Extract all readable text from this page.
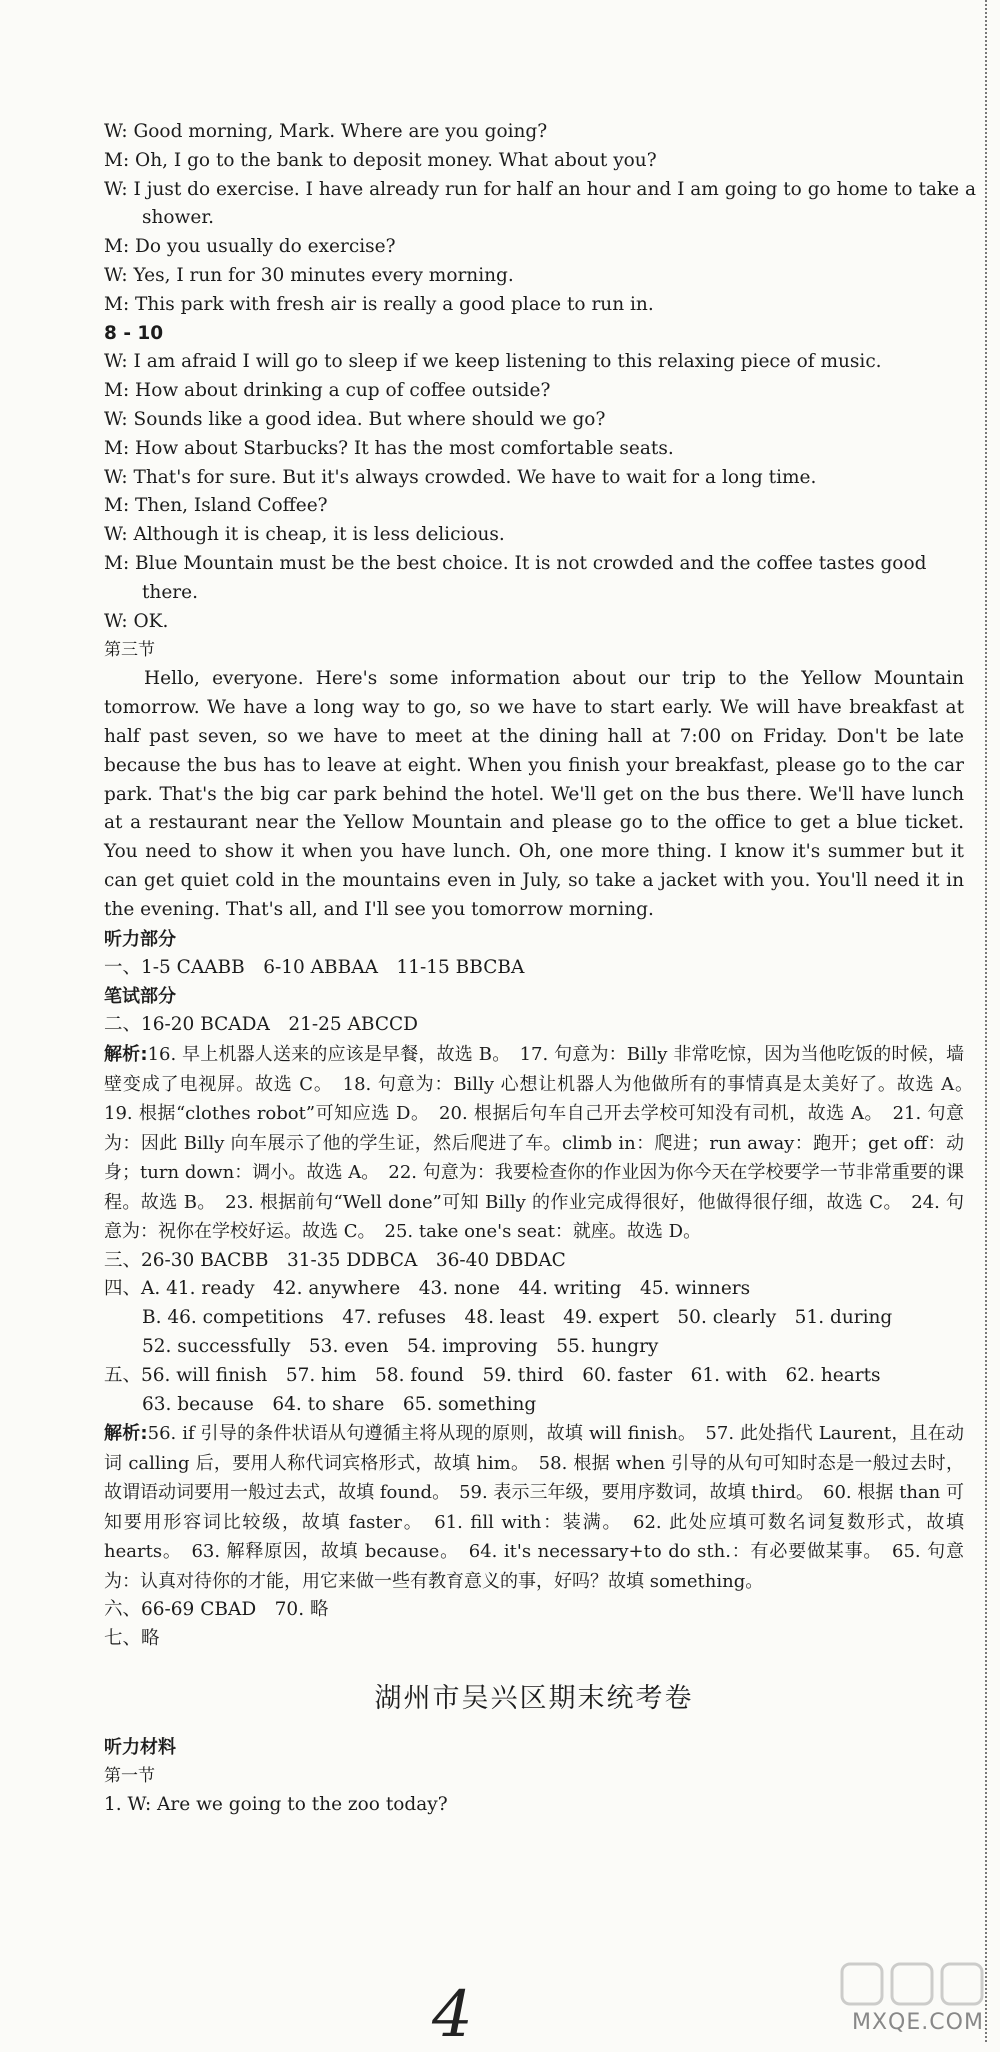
W: Good morning, Mark. Where are you going?
M: Oh, I go to the bank to deposit money. What about you?
W: I just do exercise. I have already run for half an hour and I am going to go home to take a
shower.
M: Do you usually do exercise?
W: Yes, I run for 30 minutes every morning.
M: This park with fresh air is really a good place to run in.
8 - 10
W: I am afraid I will go to sleep if we keep listening to this relaxing piece of music.
M: How about drinking a cup of coffee outside?
W: Sounds like a good idea. But where should we go?
M: How about Starbucks? It has the most comfortable seats.
W: That's for sure. But it's always crowded. We have to wait for a long time.
M: Then, Island Coffee?
W: Although it is cheap, it is less delicious.
M: Blue Mountain must be the best choice. It is not crowded and the coffee tastes good
there.
W: OK.
第三节
Hello, everyone. Here's some information about our trip to the Yellow Mountain tomorrow. We have a long way to go, so we have to start early. We will have breakfast at half past seven, so we have to meet at the dining hall at 7:00 on Friday. Don't be late because the bus has to leave at eight. When you finish your breakfast, please go to the car park. That's the big car park behind the hotel. We'll get on the bus there. We'll have lunch at a restaurant near the Yellow Mountain and please go to the office to get a blue ticket. You need to show it when you have lunch. Oh, one more thing. I know it's summer but it can get quiet cold in the mountains even in July, so take a jacket with you. You'll need it in the evening. That's all, and I'll see you tomorrow morning.
听力部分
一、1-5 CAABB　6-10 ABBAA　11-15 BBCBA
笔试部分
二、16-20 BCADA　21-25 ABCCD
解析:16. 早上机器人送来的应该是早餐，故选 B。　17. 句意为：Billy 非常吃惊，因为当他吃饭的时候，墙壁变成了电视屏。故选 C。　18. 句意为：Billy 心想让机器人为他做所有的事情真是太美好了。故选 A。　19. 根据“clothes robot”可知应选 D。　20. 根据后句车自己开去学校可知没有司机，故选 A。　21. 句意为：因此 Billy 向车展示了他的学生证，然后爬进了车。climb in：爬进；run away：跑开；get off：动身；turn down：调小。故选 A。　22. 句意为：我要检查你的作业因为你今天在学校要学一节非常重要的课程。故选 B。　23. 根据前句“Well done”可知 Billy 的作业完成得很好，他做得很仔细，故选 C。　24. 句意为：祝你在学校好运。故选 C。　25. take one's seat：就座。故选 D。
三、26-30 BACBB　31-35 DDBCA　36-40 DBDAC
四、A. 41. ready　42. anywhere　43. none　44. writing　45. winners
B. 46. competitions　47. refuses　48. least　49. expert　50. clearly　51. during
52. successfully　53. even　54. improving　55. hungry
五、56. will finish　57. him　58. found　59. third　60. faster　61. with　62. hearts
63. because　64. to share　65. something
解析:56. if 引导的条件状语从句遵循主将从现的原则，故填 will finish。　57. 此处指代 Laurent，且在动词 calling 后，要用人称代词宾格形式，故填 him。　58. 根据 when 引导的从句可知时态是一般过去时，故谓语动词要用一般过去式，故填 found。　59. 表示三年级，要用序数词，故填 third。　60. 根据 than 可知要用形容词比较级，故填 faster。　61. fill with：装满。　62. 此处应填可数名词复数形式，故填 hearts。　63. 解释原因，故填 because。　64. it's necessary+to do sth.：有必要做某事。　65. 句意为：认真对待你的才能，用它来做一些有教育意义的事，好吗？故填 something。
六、66-69 CBAD　70. 略
七、略
湖州市吴兴区期末统考卷
听力材料
第一节
1. W: Are we going to the zoo today?
4	MXQE.COM
